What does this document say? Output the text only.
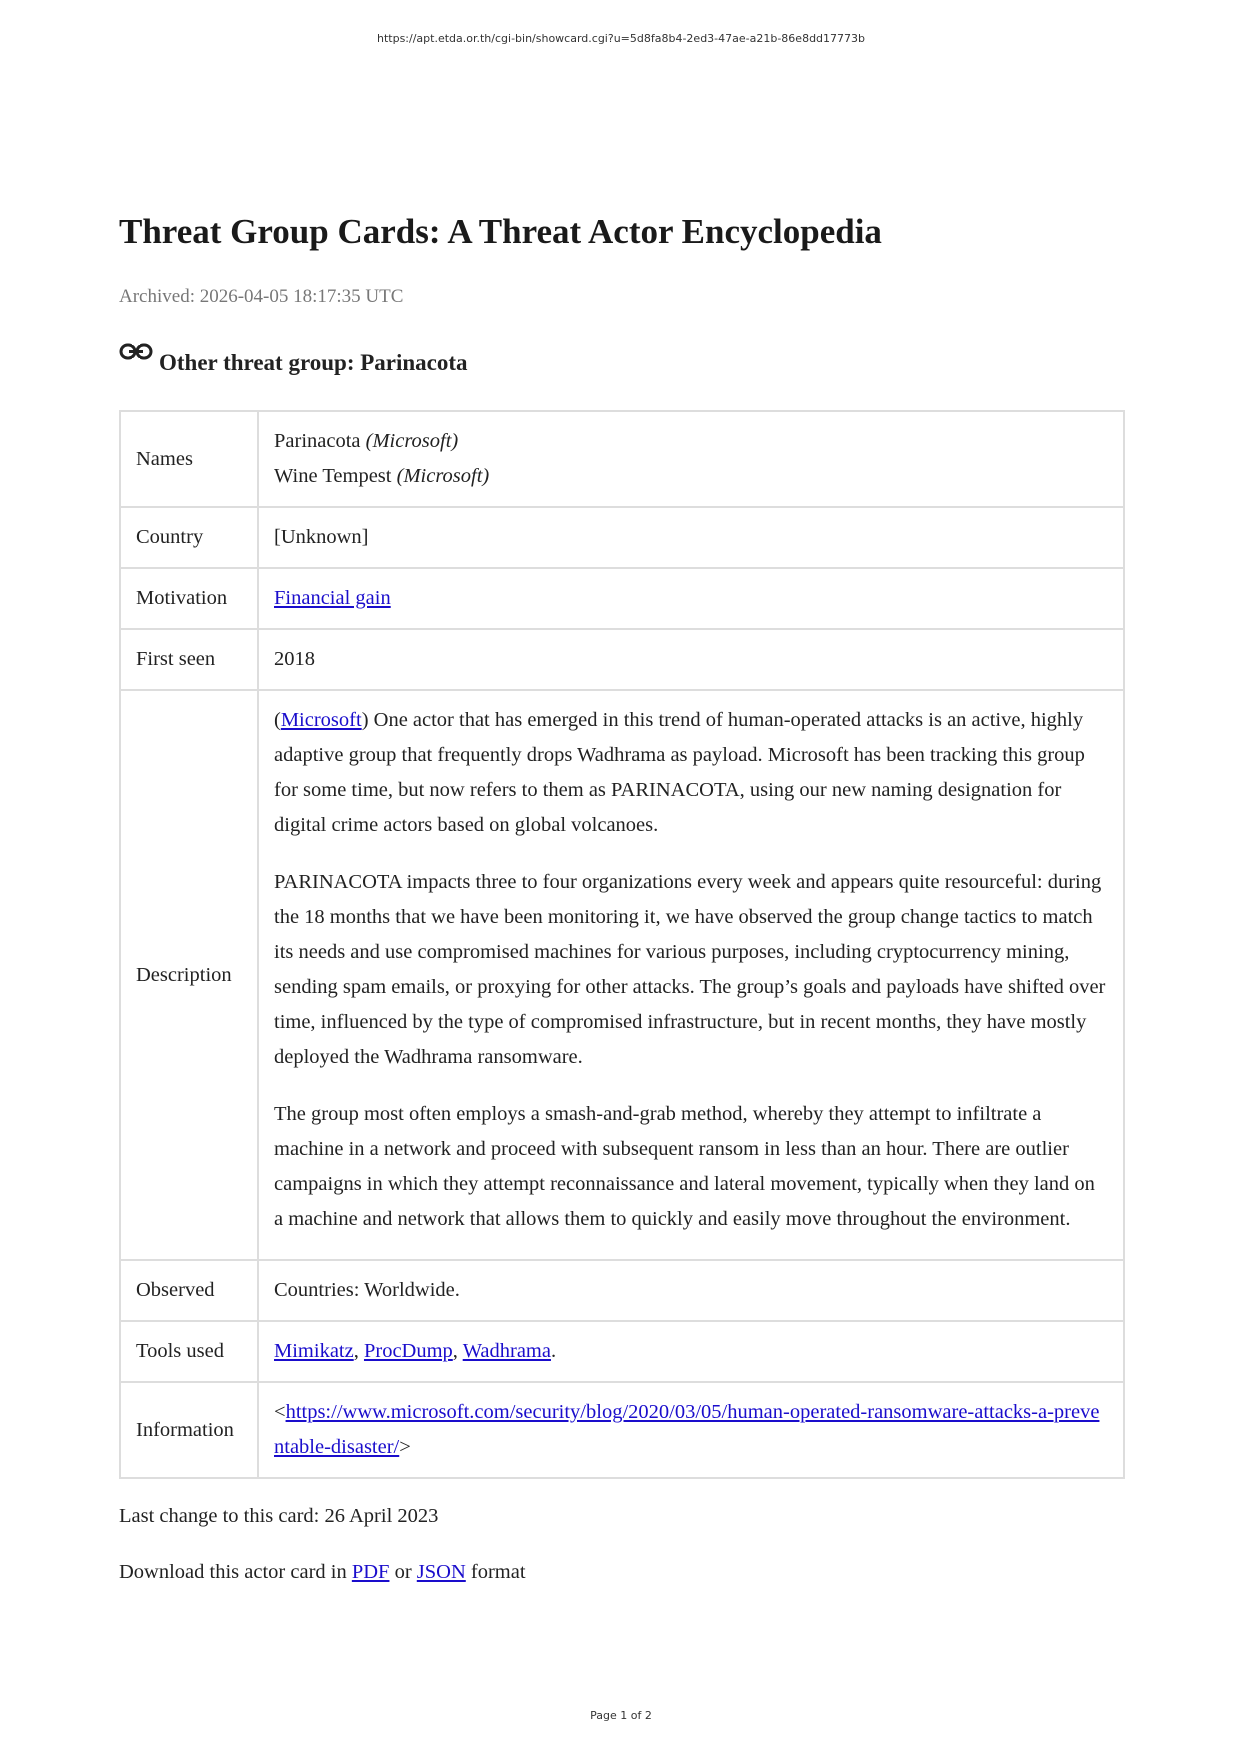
https://apt.etda.or.th/cgi-bin/showcard.cgi?u=5d8fa8b4-2ed3-47ae-a21b-86e8dd17773b
Threat Group Cards: A Threat Actor Encyclopedia
Archived: 2026-04-05 18:17:35 UTC
Other threat group: Parinacota
Names	Parinacota (Microsoft)
Wine Tempest (Microsoft)
Country	[Unknown]
Motivation	Financial gain
First seen	2018
Description	(Microsoft) One actor that has emerged in this trend of human-operated attacks is an active, highly adaptive group that frequently drops Wadhrama as payload. Microsoft has been tracking this group for some time, but now refers to them as PARINACOTA, using our new naming designation for digital crime actors based on global volcanoes.

PARINACOTA impacts three to four organizations every week and appears quite resourceful: during the 18 months that we have been monitoring it, we have observed the group change tactics to match its needs and use compromised machines for various purposes, including cryptocurrency mining, sending spam emails, or proxying for other attacks. The group’s goals and payloads have shifted over time, influenced by the type of compromised infrastructure, but in recent months, they have mostly deployed the Wadhrama ransomware.

The group most often employs a smash-and-grab method, whereby they attempt to infiltrate a machine in a network and proceed with subsequent ransom in less than an hour. There are outlier campaigns in which they attempt reconnaissance and lateral movement, typically when they land on a machine and network that allows them to quickly and easily move throughout the environment.

Observed	Countries: Worldwide.
Tools used	Mimikatz, ProcDump, Wadhrama.
Information	<https://www.microsoft.com/security/blog/2020/03/05/human-operated-ransomware-attacks-a-preventable-disaster/>
Last change to this card: 26 April 2023
Download this actor card in PDF or JSON format
Page 1 of 2
